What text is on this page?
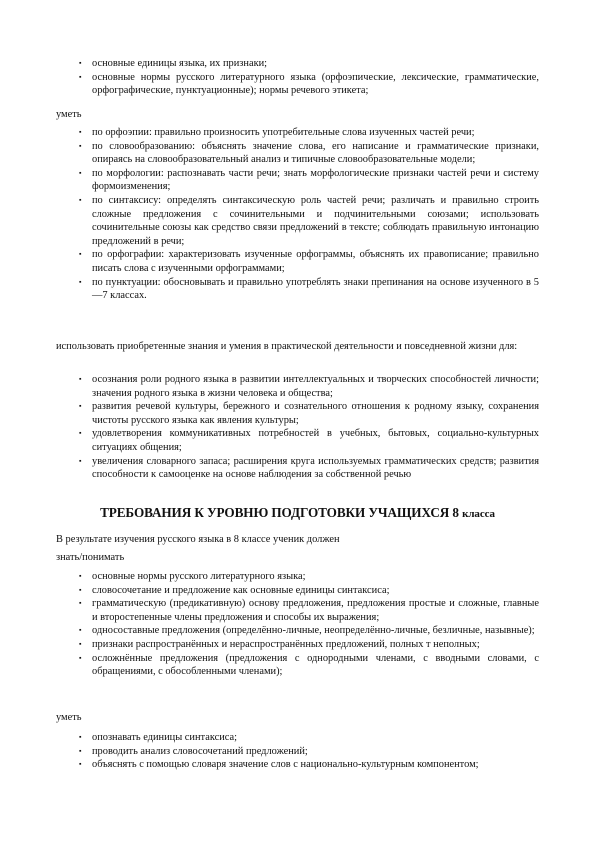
▪ основные единицы языка, их признаки;
▪ основные нормы русского литературного языка (орфоэпические, лексические, грамматические, орфографические, пунктуационные); нормы речевого этикета;
уметь
▪ по орфоэпии: правильно произносить употребительные слова изученных частей речи;
▪ по словообразованию: объяснять значение слова, его написание и грамматические признаки, опираясь на словообразовательный анализ и типичные словообразовательные модели;
▪ по морфологии: распознавать части речи; знать морфологические признаки частей речи и систему формоизменения;
▪ по синтаксису: определять синтаксическую роль частей речи; различать и правильно строить сложные предложения с сочинительными и подчинительными союзами; использовать сочинительные союзы как средство связи предложений в тексте; соблюдать правильную интонацию предложений в речи;
▪ по орфографии: характеризовать изученные орфограммы, объяснять их правописание; правильно писать слова с изученными орфограммами;
▪ по пунктуации: обосновывать и правильно употреблять знаки препинания на основе изученного в 5—7 классах.
использовать приобретенные знания и умения в практической деятельности и повседневной жизни для:
▪ осознания роли родного языка в развитии интеллектуальных и творческих способностей личности; значения родного языка в жизни человека и общества;
▪ развития речевой культуры, бережного и сознательного отношения к родному языку, сохранения чистоты русского языка как явления культуры;
▪ удовлетворения коммуникативных потребностей в учебных, бытовых, социально-культурных ситуациях общения;
▪ увеличения словарного запаса; расширения круга используемых грамматических средств; развития способности к самооценке на основе наблюдения за собственной речью
ТРЕБОВАНИЯ К УРОВНЮ ПОДГОТОВКИ УЧАЩИХСЯ 8 класса
В результате изучения русского языка в 8 классе ученик должен
знать/понимать
▪ основные нормы русского литературного языка;
▪ словосочетание и предложение как основные единицы синтаксиса;
▪ грамматическую (предикативную) основу предложения, предложения простые и сложные, главные и второстепенные члены предложения и способы их выражения;
▪ односоставные предложения (определённо-личные, неопределённо-личные, безличные, назывные);
▪ признаки распространённых и нераспространённых предложений, полных т неполных;
▪ осложнённые предложения (предложения с однородными членами, с вводными словами, с обращениями, с обособленными членами);
уметь
▪ опознавать единицы синтаксиса;
▪ проводить анализ словосочетаний предложений;
▪ объяснять с помощью словаря значение слов с национально-культурным компонентом;
